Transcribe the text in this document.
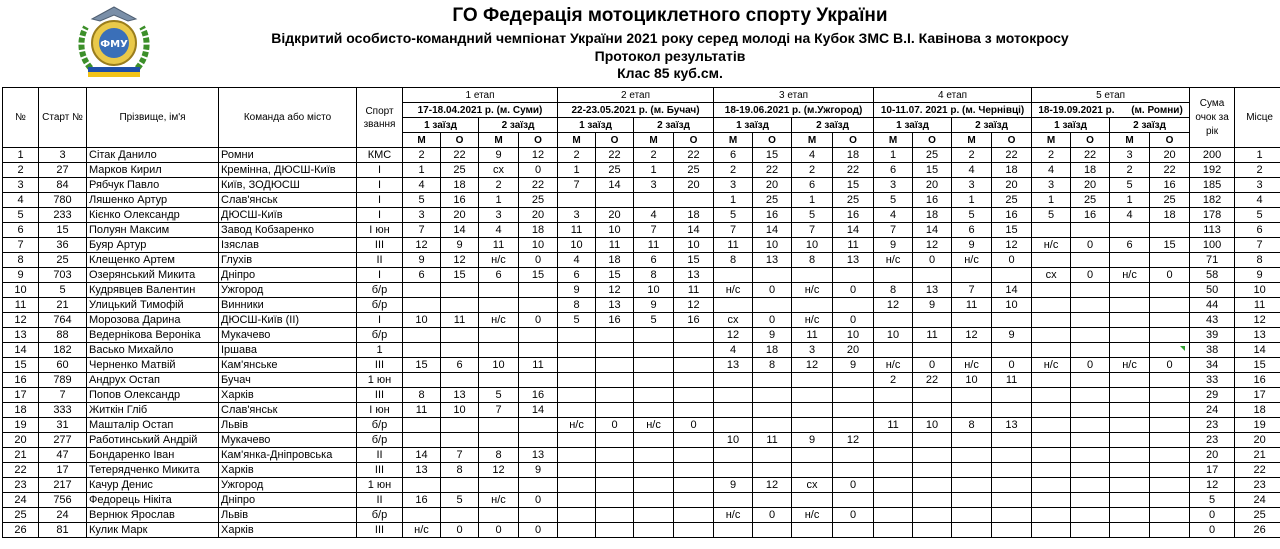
ФМУ
ГО Федерація мотоциклетного спорту України
Відкритий особисто-командний чемпіонат України 2021 року серед молоді на Кубок ЗМС В.І. Кавінова з мотокросу
Протокол результатів
Клас 85 куб.см.
№	Старт №	Прізвище, ім'я	Команда або місто	Спорт звання	1 етап				2 етап				3 етап				4 етап				5 етап				Сума очок за рік	Місце
					17-18.04.2021 р. (м. Суми)				22-23.05.2021 р. (м. Бучач)				18-19.06.2021 р. (м.Ужгород)				10-11.07. 2021 р. (м. Чернівці)				18-19.09.2021 р. (м. Ромни)					
					1 заїзд		2 заїзд		1 заїзд		2 заїзд		1 заїзд		2 заїзд		1 заїзд		2 заїзд		1 заїзд		2 заїзд			
					М	О	М	О	М	О	М	О	М	О	М	О	М	О	М	О	М	О	М	О		
1	3	Сітак Данило	Ромни	КМС	2	22	9	12	2	22	2	22	6	15	4	18	1	25	2	22	2	22	3	20	200	1
2	27	Марков Кирил	Кремінна, ДЮСШ-Київ	I	1	25	сх	0	1	25	1	25	2	22	2	22	6	15	4	18	4	18	2	22	192	2
3	84	Рябчук Павло	Київ, ЗОДЮСШ	I	4	18	2	22	7	14	3	20	3	20	6	15	3	20	3	20	3	20	5	16	185	3
4	780	Ляшенко Артур	Слав'янськ	I	5	16	1	25					1	25	1	25	5	16	1	25	1	25	1	25	182	4
5	233	Кієнко Олександр	ДЮСШ-Київ	I	3	20	3	20	3	20	4	18	5	16	5	16	4	18	5	16	5	16	4	18	178	5
6	15	Полуян Максим	Завод Кобзаренко	I юн	7	14	4	18	11	10	7	14	7	14	7	14	7	14	6	15					113	6
7	36	Буяр Артур	Ізяслав	III	12	9	11	10	10	11	11	10	11	10	10	11	9	12	9	12	н/с	0	6	15	100	7
8	25	Клещенко Артем	Глухів	II	9	12	н/с	0	4	18	6	15	8	13	8	13	н/с	0	н/с	0					71	8
9	703	Озерянський Микита	Дніпро	I	6	15	6	15	6	15	8	13									сх	0	н/с	0	58	9
10	5	Кудрявцев Валентин	Ужгород	б/р					9	12	10	11	н/с	0	н/с	0	8	13	7	14					50	10
11	21	Улицький Тимофій	Винники	б/р					8	13	9	12					12	9	11	10					44	11
12	764	Морозова Дарина	ДЮСШ-Київ (ІІ)	I	10	11	н/с	0	5	16	5	16	сх	0	н/с	0									43	12
13	88	Ведернікова Вероніка	Мукачево	б/р									12	9	11	10	10	11	12	9					39	13
14	182	Васько Михайло	Іршава	1									4	18	3	20									38	14
15	60	Черненко Матвій	Кам'янське	III	15	6	10	11					13	8	12	9	н/с	0	н/с	0	н/с	0	н/с	0	34	15
16	789	Андрух Остап	Бучач	1 юн													2	22	10	11					33	16
17	7	Попов Олександр	Харків	III	8	13	5	16																	29	17
18	333	Житкін Гліб	Слав'янськ	I юн	11	10	7	14																	24	18
19	31	Машталір Остап	Львів	б/р					н/с	0	н/с	0					11	10	8	13					23	19
20	277	Работинський Андрій	Мукачево	б/р									10	11	9	12									23	20
21	47	Бондаренко Іван	Кам'янка-Дніпровська	II	14	7	8	13																	20	21
22	17	Тетерядченко Микита	Харків	III	13	8	12	9																	17	22
23	217	Качур Денис	Ужгород	1 юн									9	12	сх	0									12	23
24	756	Федорець Нікіта	Дніпро	II	16	5	н/с	0																	5	24
25	24	Вернюк Ярослав	Львів	б/р									н/с	0	н/с	0									0	25
26	81	Кулик Марк	Харків	III	н/с	0	0	0																	0	26
